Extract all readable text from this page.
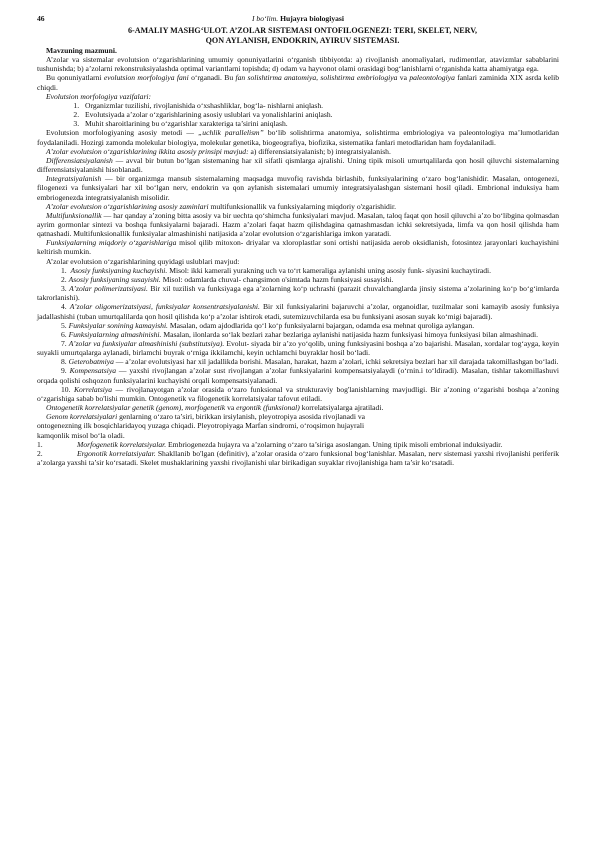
46	I bo‘lim. Hujayra biologiyasi

6-AMALIY MASHG‘ULOT. A’ZOLAR SISTEMASI ONTOFILOGENEZI: TERI, SKELET, NERV,

QON AYLANISH, ENDOKRIN, AYIRUV SISTEMASI.

Mavzuning mazmuni.

A’zolar va sistemalar evolutsion o‘zgarishlarining umumiy qonuniyatlarini o‘rganish tibbiyotda: a) rivojlanish anomaliyalari, rudimentlar, atavizmlar sabablarini tushunishda; b) a’zolarni rekonstruksiyalashda optimal variantlarni topishda; d) odam va hayvonot olami orasidagi bog‘lanishlarni o‘rganishda katta ahamiyatga ega.

Bu qonuniyatlarni evolutsion morfologiya fani o‘rganadi. Bu fan solishtirma anatomiya, solishtirma embriologiya va paleontologiya fanlari zaminida XIX asrda kelib chiqdi.

Evolutsion morfologiya vazifalari:

1. Organizmlar tuzilishi, rivojlanishida o‘xshashliklar, bog‘la- nishlarni aniqlash.
2. Evolutsiyada a’zolar o‘zgarishlarining asosiy uslublari va yonalishlarini aniqlash.
3. Muhit sharoitlarining bu o‘zgarishlar xarakteriga ta’sirini aniqlash.

Evolutsion morfologiyaning asosiy metodi — „uchlik parallelism” bo‘lib solishtirma anatomiya, solishtirma embriologiya va paleontologiya ma’lumotlaridan foydalaniladi. Hozirgi zamonda molekular biologiya, molekular genetika, biogeografiya, biofizika, sistematika fanlari metodlaridan ham foydalaniladi.

A’zolar evolutsion o‘zgarishlarining ikkita asosiy prinsipi mavjud: a) differensiatsiyalanish; b) integratsiyalanish.

Differensiatsiyalanish — avval bir butun bo‘lgan sistemaning har xil sifatli qismlarga ajralishi. Uning tipik misoli umurtqalilarda qon hosil qiluvchi sistemalarning differensiatsiyalanishi hisoblanadi.

Integratsiyalanish — bir organizmga mansub sistemalarning maqsadga muvofiq ravishda birlashib, funksiyalarining o‘zaro bog‘lanishidir. Masalan, ontogenezi, filogenezi va funksiyalari har xil bo‘lgan nerv, endokrin va qon aylanish sistemalari umumiy integratsiyalashgan sistemani hosil qiladi. Embrional induksiya ham embriogenezda integratsiyalanish misolidir.

A’zolar evolutsion o‘zgarishlarining asosiy zaminlari multifunksionallik va funksiyalarning miqdoriy o'zgarishidir.

Multifunksionallik — har qanday a’zoning bitta asosiy va bir uechta qo‘shimcha funksiyalari mavjud. Masalan, taloq faqat qon hosil qiluvchi a’zo bo‘libgina qolmasdan ayrim gormonlar sintezi va boshqa funksiyalarni bajaradi. Hazm a’zolari faqat hazm qilishdagina qatnashmasdan ichki sekretsiyada, limfa va qon hosil qilishda ham qatnashadi. Multifunksionallik funksiyalar almashinishi natijasida a’zolar evolutsion o‘zgarishlariga imkon yaratadi.

Funksiyalarning miqdoriy o‘zgarishlariga misol qilib mitoxon- driyalar va xloroplastlar soni ortishi natijasida aerob oksidlanish, fotosintez jarayonlari kuchayishini keltirish mumkin.

A’zolar evolutsion o‘zgarishlarining quyidagi uslublari mavjud:

1. Asosiy funksiyaning kuchayishi. Misol: ikki kamerali yurakning uch va to‘rt kameraliga aylanishi uning asosiy funk- siyasini kuchaytiradi.

2. Asosiy funksiyaning susayishi. Misol: odamlarda chuval- changsimon o'simtada hazm funksiyasi susayishi.

3. A’zolar polimerizatsiyasi. Bir xil tuzilish va funksiyaga ega a’zolarning ko‘p uchrashi (parazit chuvalchanglarda jinsiy sistema a’zolarining ko‘p bo‘g‘imlarda takrorlanishi).

4. A’zolar oligomerizatsiyasi, funksiyalar konsentratsiyalanishi. Bir xil funksiyalarini bajaruvchi a’zolar, organoidlar, tuzilmalar soni kamayib asosiy funksiya jadallashishi (tuban umurtqalilarda qon hosil qilishda ko‘p a’zolar ishtirok etadi, sutemizuvchilarda esa bu funksiyani asosan suyak ko‘migi bajaradi).

5. Funksiyalar sonining kamayishi. Masalan, odam ajdodlarida qo‘l ko‘p funksiyalarni bajargan, odamda esa mehnat quroliga aylangan.

6. Funksiyalarning almashinishi. Masalan, ilonlarda so‘lak bezlari zahar bezlariga aylanishi natijasida hazm funksiyasi himoya funksiyasi bilan almashinadi.

7. A’zolar va funksiyalar almashinishi (substitutsiya). Evolut- siyada bir a’zo yo‘qolib, uning funksiyasini boshqa a’zo bajarishi. Masalan, xordalar tog‘ayga, keyin suyakli umurtqalarga aylanadi, birlamchi buyrak o‘rniga ikkilamchi, keyin uchlamchi buyraklar hosil bo‘ladi.

8. Geterobatmiya — a’zolar evolutsiyasi har xil jadallikda borishi. Masalan, harakat, hazm a’zolari, ichki sekretsiya bezlari har xil darajada takomillashgan bo‘ladi.

9. Kompensatsiya — yaxshi rivojlangan a’zolar sust rivojlangan a’zolar funksiyalarini kompensatsiyalaydi (o‘rnin.i to‘ldiradi). Masalan, tishlar takomillashuvi orqada qolishi oshqozon funksiyalarini kuchayishi orqali kompensatsiyalanadi.

10. Korrelatsiya — rivojlanayotgan a’zolar orasida o‘zaro funksional va strukturaviy bog'lanishlarning mavjudligi. Bir a’zoning o‘zgarishi boshqa a’zoning o‘zgarishiga sabab bo'lishi mumkin. Ontogenetik va filogenetik korrelatsiyalar tafovut etiladi.

Ontogenetik korrelatsiyalar genetik (genom), morfogenetik va ergontik (funksional) korrelatsiyalarga ajratiladi.

Genom korrelatsiyalari genlarning o‘zaro ta’siri, birikkan irsiylanish, pleyotropiya asosida rivojlanadi va

ontogenezning ilk bosqichlaridayoq yuzaga chiqadi. Pleyotropiyaga Marfan sindromi, o‘roqsimon hujayrali

kamqonlik misol bo‘la oladi.

1.	Morfogenetik korrelatsiyalar. Embriogenezda hujayra va a’zolarning o‘zaro ta’siriga asoslangan. Uning tipik misoli embrional induksiyadir.

2.	Ergonotik korrelatsiyalar. Shakllanib bo'lgan (definitiv), a’zolar orasida o‘zaro funksional bog‘lanishlar. Masalan, nerv sistemasi yaxshi rivojlanishi periferik a’zolarga yaxshi ta’sir ko‘rsatadi. Skelet mushaklarining yaxshi rivojlanishi ular birikadigan suyaklar rivojlanishiga ham ta’sir ko‘rsatadi.
